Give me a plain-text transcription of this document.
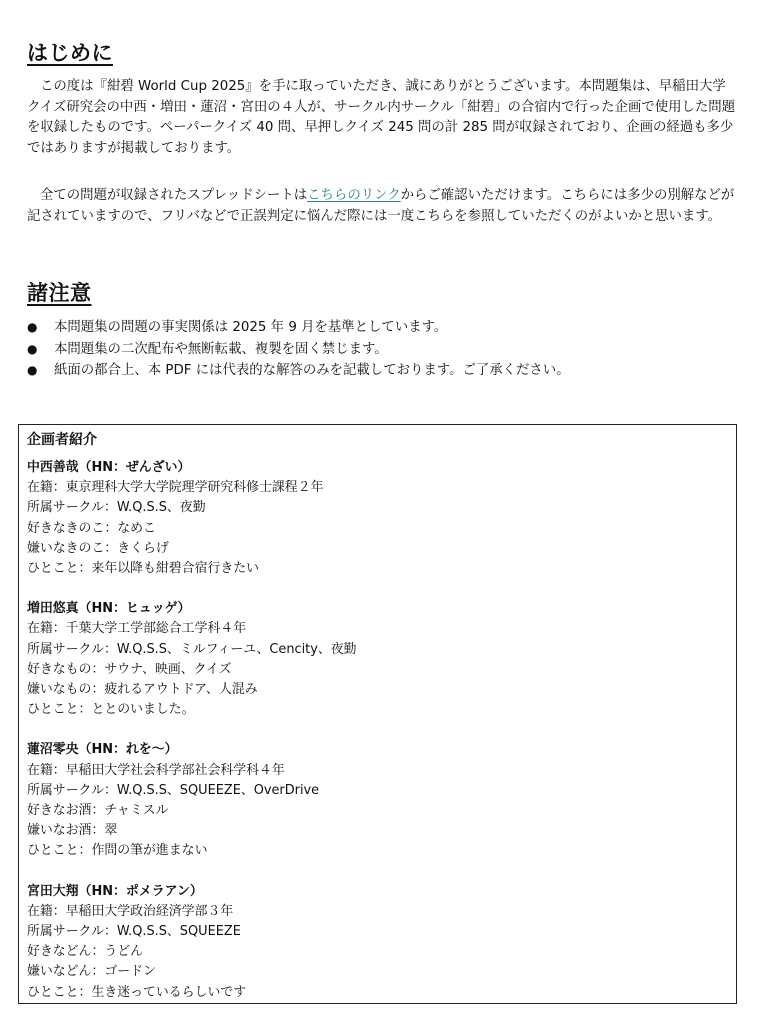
はじめに

この度は『紺碧 World Cup 2025』を手に取っていただき、誠にありがとうございます。本問題集は、早稲田大学クイズ研究会の中西・増田・蓮沼・宮田の４人が、サークル内サークル「紺碧」の合宿内で行った企画で使用した問題を収録したものです。ペーパークイズ 40 問、早押しクイズ 245 問の計 285 問が収録されており、企画の経過も多少ではありますが掲載しております。

全ての問題が収録されたスプレッドシートはこちらのリンクからご確認いただけます。こちらには多少の別解などが記されていますので、フリバなどで正誤判定に悩んだ際には一度こちらを参照していただくのがよいかと思います。

諸注意
● 本問題集の問題の事実関係は 2025 年 9 月を基準としています。
● 本問題集の二次配布や無断転載、複製を固く禁じます。
● 紙面の都合上、本 PDF には代表的な解答のみを記載しております。ご了承ください。
企画者紹介
中西善哉（HN：ぜんざい）
在籍：東京理科大学大学院理学研究科修士課程２年
所属サークル：W.Q.S.S、夜勤
好きなきのこ：なめこ
嫌いなきのこ：きくらげ
ひとこと：来年以降も紺碧合宿行きたい
増田悠真（HN：ヒュッゲ）
在籍：千葉大学工学部総合工学科４年
所属サークル：W.Q.S.S、ミルフィーユ、Cencity、夜勤
好きなもの：サウナ、映画、クイズ
嫌いなもの：疲れるアウトドア、人混み
ひとこと：ととのいました。
蓮沼零央（HN：れを〜）
在籍：早稲田大学社会科学部社会科学科４年
所属サークル：W.Q.S.S、SQUEEZE、OverDrive
好きなお酒：チャミスル
嫌いなお酒：翠
ひとこと：作問の筆が進まない
宮田大翔（HN：ポメラアン）
在籍：早稲田大学政治経済学部３年
所属サークル：W.Q.S.S、SQUEEZE
好きなどん：うどん
嫌いなどん：ゴードン
ひとこと：生き迷っているらしいです
